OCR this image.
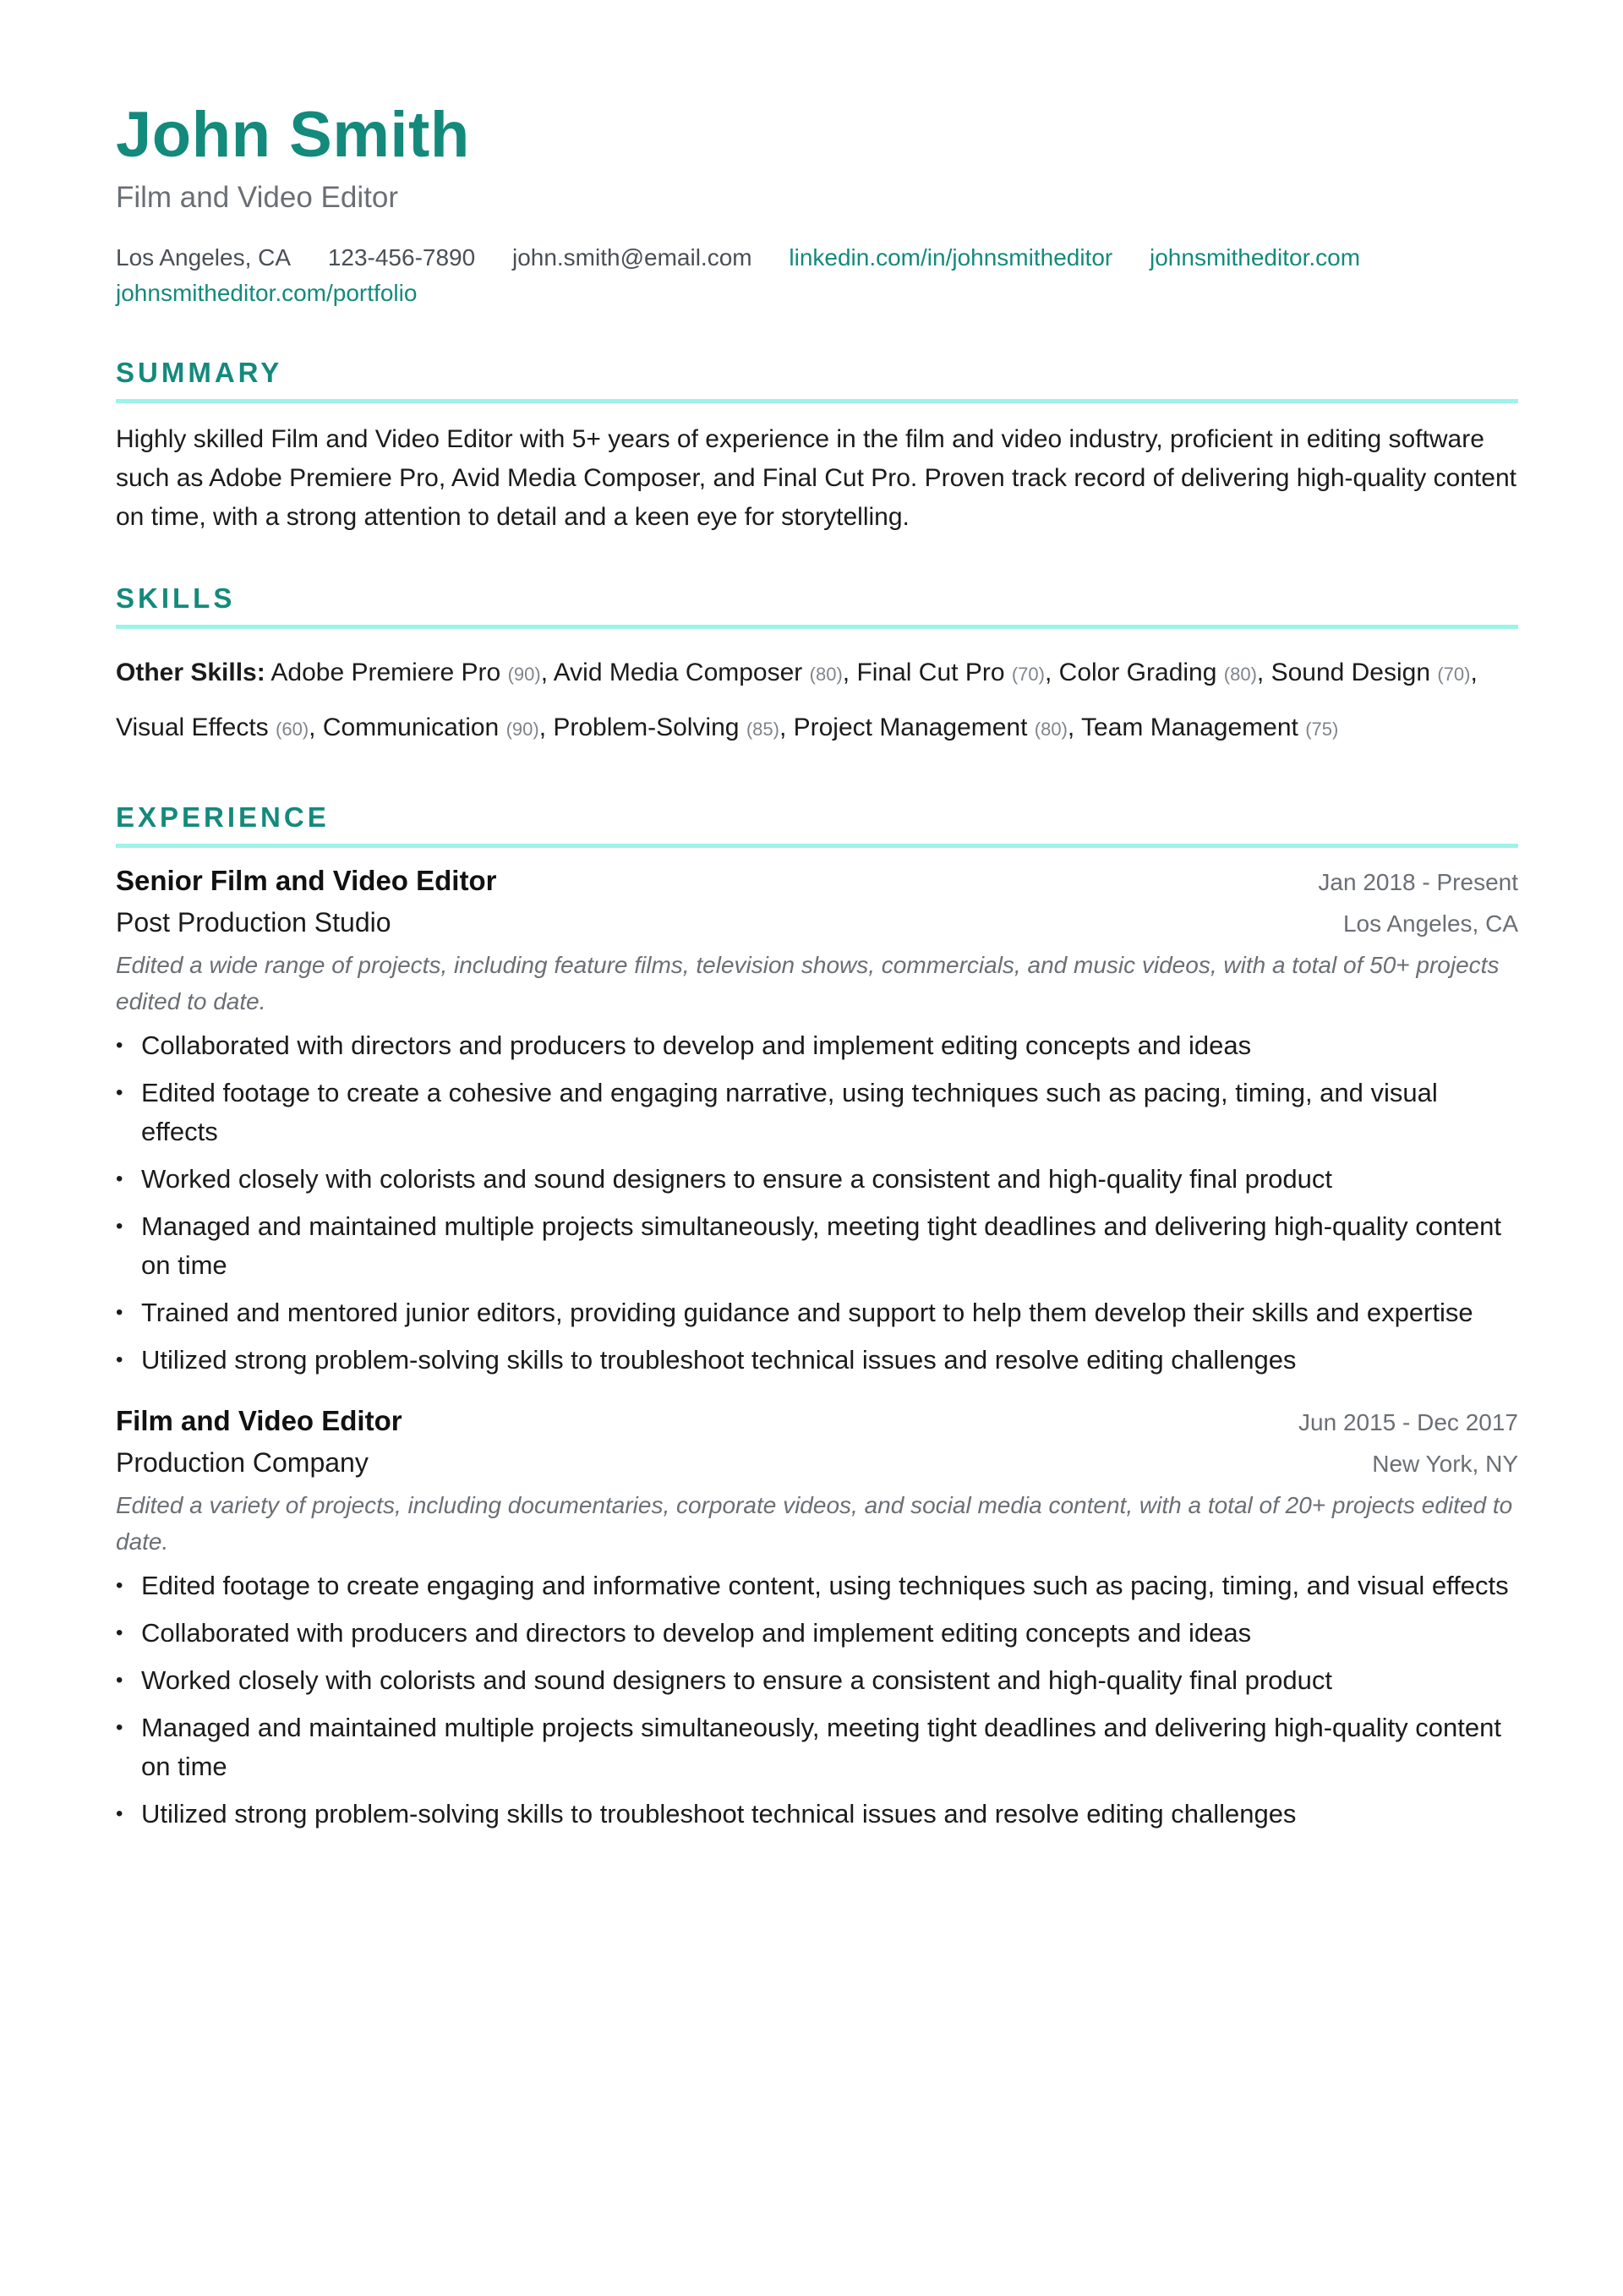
John Smith
Film and Video Editor
Los Angeles, CA 123-456-7890 john.smith@email.com linkedin.com/in/johnsmitheditor johnsmitheditor.com
johnsmitheditor.com/portfolio
SUMMARY
Highly skilled Film and Video Editor with 5+ years of experience in the film and video industry, proficient in editing software such as Adobe Premiere Pro, Avid Media Composer, and Final Cut Pro. Proven track record of delivering high-quality content on time, with a strong attention to detail and a keen eye for storytelling.
SKILLS
Other Skills: Adobe Premiere Pro (90), Avid Media Composer (80), Final Cut Pro (70), Color Grading (80), Sound Design (70), Visual Effects (60), Communication (90), Problem-Solving (85), Project Management (80), Team Management (75)
EXPERIENCE
Senior Film and Video Editor	Jan 2018 - Present
Post Production Studio	Los Angeles, CA
Edited a wide range of projects, including feature films, television shows, commercials, and music videos, with a total of 50+ projects edited to date.
• Collaborated with directors and producers to develop and implement editing concepts and ideas
• Edited footage to create a cohesive and engaging narrative, using techniques such as pacing, timing, and visual effects
• Worked closely with colorists and sound designers to ensure a consistent and high-quality final product
• Managed and maintained multiple projects simultaneously, meeting tight deadlines and delivering high-quality content on time
• Trained and mentored junior editors, providing guidance and support to help them develop their skills and expertise
• Utilized strong problem-solving skills to troubleshoot technical issues and resolve editing challenges
Film and Video Editor	Jun 2015 - Dec 2017
Production Company	New York, NY
Edited a variety of projects, including documentaries, corporate videos, and social media content, with a total of 20+ projects edited to date.
• Edited footage to create engaging and informative content, using techniques such as pacing, timing, and visual effects
• Collaborated with producers and directors to develop and implement editing concepts and ideas
• Worked closely with colorists and sound designers to ensure a consistent and high-quality final product
• Managed and maintained multiple projects simultaneously, meeting tight deadlines and delivering high-quality content on time
• Utilized strong problem-solving skills to troubleshoot technical issues and resolve editing challenges
